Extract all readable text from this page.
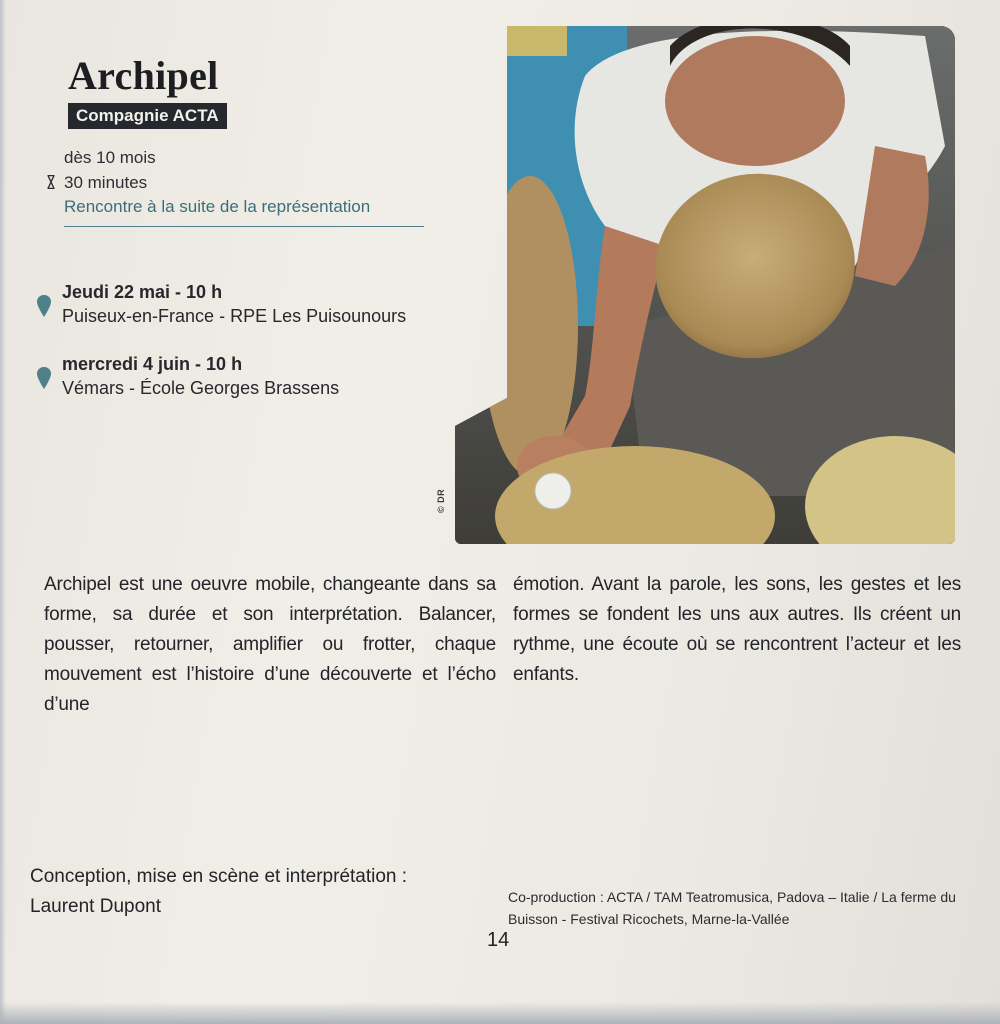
Archipel
Compagnie ACTA
dès 10 mois
30 minutes
Rencontre à la suite de la représentation
Jeudi 22 mai - 10 h
Puiseux-en-France - RPE Les Puisounours
mercredi 4 juin - 10 h
Vémars - École Georges Brassens
© DR
Archipel est une oeuvre mobile, changeante dans sa forme, sa durée et son interprétation. Balancer, pousser, retourner, amplifier ou frotter, chaque mouvement est l’histoire d’une découverte et l’écho d’une
émotion. Avant la parole, les sons, les gestes et les formes se fondent les uns aux autres. Ils créent un rythme, une écoute où se rencontrent l’acteur et les enfants.
Conception, mise en scène et interprétation :
Laurent Dupont	Co-production : ACTA / TAM Teatromusica, Padova – Italie / La ferme du Buisson - Festival Ricochets, Marne-la-Vallée
14
